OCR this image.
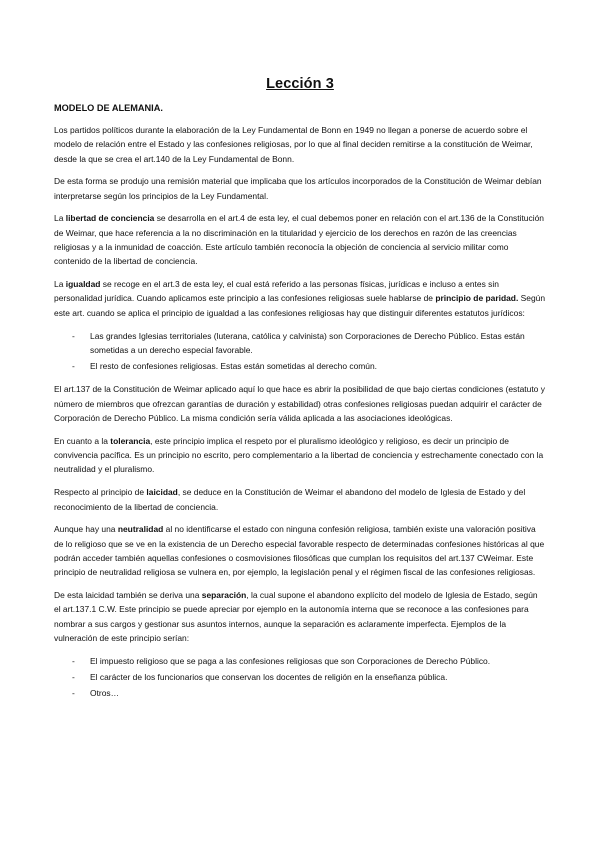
Lección 3
MODELO DE ALEMANIA.

Los partidos políticos durante la elaboración de la Ley Fundamental de Bonn en 1949 no llegan a ponerse de acuerdo sobre el modelo de relación entre el Estado y las confesiones religiosas, por lo que al final deciden remitirse a la constitución de Weimar, desde la que se crea el art.140 de la Ley Fundamental de Bonn.

De esta forma se produjo una remisión material que implicaba que los artículos incorporados de la Constitución de Weimar debían interpretarse según los principios de la Ley Fundamental.

La libertad de conciencia se desarrolla en el art.4 de esta ley, el cual debemos poner en relación con el art.136 de la Constitución de Weimar, que hace referencia a la no discriminación en la titularidad y ejercicio de los derechos en razón de las creencias religiosas y a la inmunidad de coacción. Este artículo también reconocía la objeción de conciencia al servicio militar como contenido de la libertad de conciencia.

La igualdad se recoge en el art.3 de esta ley, el cual está referido a las personas físicas, jurídicas e incluso a entes sin personalidad jurídica. Cuando aplicamos este principio a las confesiones religiosas suele hablarse de principio de paridad. Según este art. cuando se aplica el principio de igualdad a las confesiones religiosas hay que distinguir diferentes estatutos jurídicos:

- Las grandes Iglesias territoriales (luterana, católica y calvinista) son Corporaciones de Derecho Público. Estas están sometidas a un derecho especial favorable.
- El resto de confesiones religiosas. Estas están sometidas al derecho común.

El art.137 de la Constitución de Weimar aplicado aquí lo que hace es abrir la posibilidad de que bajo ciertas condiciones (estatuto y número de miembros que ofrezcan garantías de duración y estabilidad) otras confesiones religiosas puedan adquirir el carácter de Corporación de Derecho Público. La misma condición sería válida aplicada a las asociaciones ideológicas.

En cuanto a la tolerancia, este principio implica el respeto por el pluralismo ideológico y religioso, es decir un principio de convivencia pacífica. Es un principio no escrito, pero complementario a la libertad de conciencia y estrechamente conectado con la neutralidad y el pluralismo.

Respecto al principio de laicidad, se deduce en la Constitución de Weimar el abandono del modelo de Iglesia de Estado y del reconocimiento de la libertad de conciencia.

Aunque hay una neutralidad al no identificarse el estado con ninguna confesión religiosa, también existe una valoración positiva de lo religioso que se ve en la existencia de un Derecho especial favorable respecto de determinadas confesiones históricas al que podrán acceder también aquellas confesiones o cosmovisiones filosóficas que cumplan los requisitos del art.137 CWeimar. Este principio de neutralidad religiosa se vulnera en, por ejemplo, la legislación penal y el régimen fiscal de las confesiones religiosas.

De esta laicidad también se deriva una separación, la cual supone el abandono explícito del modelo de Iglesia de Estado, según el art.137.1 C.W. Este principio se puede apreciar por ejemplo en la autonomía interna que se reconoce a las confesiones para nombrar a sus cargos y gestionar sus asuntos internos, aunque la separación es aclaramente imperfecta. Ejemplos de la vulneración de este principio serían:

- El impuesto religioso que se paga a las confesiones religiosas que son Corporaciones de Derecho Público.
- El carácter de los funcionarios que conservan los docentes de religión en la enseñanza pública.
- Otros…
